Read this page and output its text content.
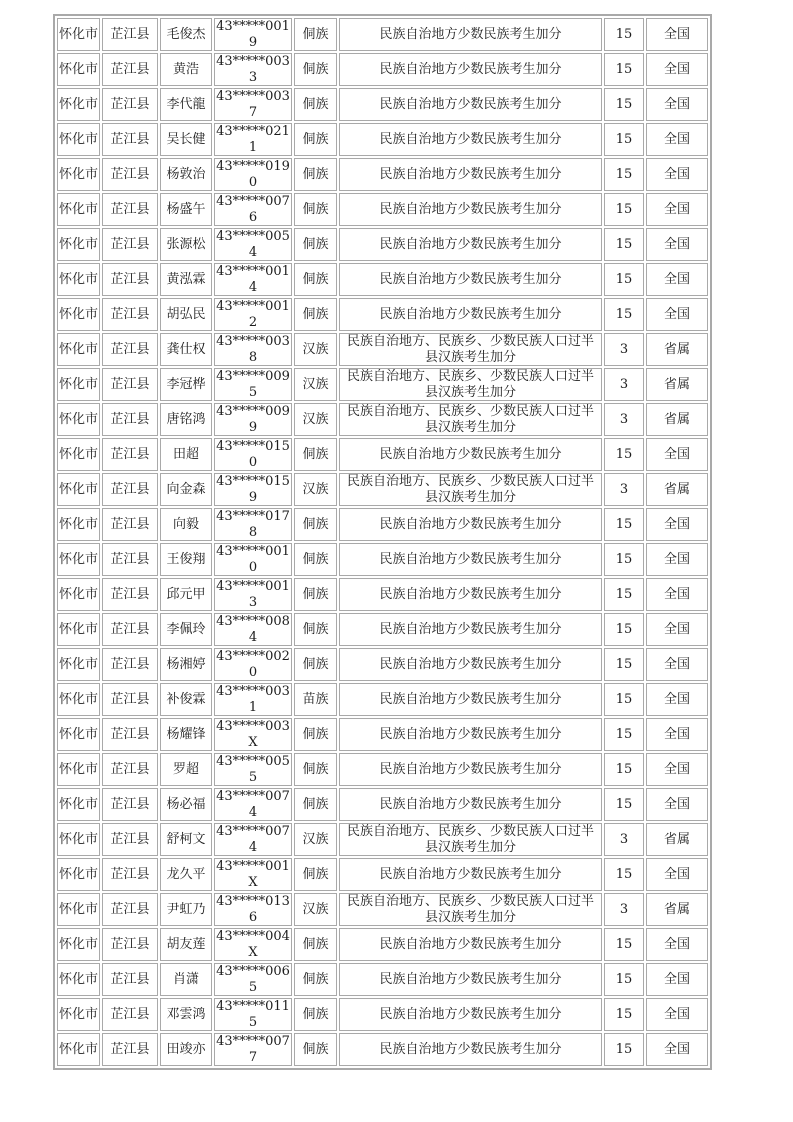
怀化市	芷江县	毛俊杰	43*****0019	侗族	民族自治地方少数民族考生加分	15	全国
怀化市	芷江县	黄浩	43*****0033	侗族	民族自治地方少数民族考生加分	15	全国
怀化市	芷江县	李代龍	43*****0037	侗族	民族自治地方少数民族考生加分	15	全国
怀化市	芷江县	吴长健	43*****0211	侗族	民族自治地方少数民族考生加分	15	全国
怀化市	芷江县	杨敦治	43*****0190	侗族	民族自治地方少数民族考生加分	15	全国
怀化市	芷江县	杨盛午	43*****0076	侗族	民族自治地方少数民族考生加分	15	全国
怀化市	芷江县	张源松	43*****0054	侗族	民族自治地方少数民族考生加分	15	全国
怀化市	芷江县	黄泓霖	43*****0014	侗族	民族自治地方少数民族考生加分	15	全国
怀化市	芷江县	胡弘民	43*****0012	侗族	民族自治地方少数民族考生加分	15	全国
怀化市	芷江县	龚仕权	43*****0038	汉族	民族自治地方、民族乡、少数民族人口过半县汉族考生加分	3	省属
怀化市	芷江县	李冠桦	43*****0095	汉族	民族自治地方、民族乡、少数民族人口过半县汉族考生加分	3	省属
怀化市	芷江县	唐铭鸿	43*****0099	汉族	民族自治地方、民族乡、少数民族人口过半县汉族考生加分	3	省属
怀化市	芷江县	田超	43*****0150	侗族	民族自治地方少数民族考生加分	15	全国
怀化市	芷江县	向金森	43*****0159	汉族	民族自治地方、民族乡、少数民族人口过半县汉族考生加分	3	省属
怀化市	芷江县	向毅	43*****0178	侗族	民族自治地方少数民族考生加分	15	全国
怀化市	芷江县	王俊翔	43*****0010	侗族	民族自治地方少数民族考生加分	15	全国
怀化市	芷江县	邱元甲	43*****0013	侗族	民族自治地方少数民族考生加分	15	全国
怀化市	芷江县	李佩玲	43*****0084	侗族	民族自治地方少数民族考生加分	15	全国
怀化市	芷江县	杨湘婷	43*****0020	侗族	民族自治地方少数民族考生加分	15	全国
怀化市	芷江县	补俊霖	43*****0031	苗族	民族自治地方少数民族考生加分	15	全国
怀化市	芷江县	杨耀锋	43*****003X	侗族	民族自治地方少数民族考生加分	15	全国
怀化市	芷江县	罗超	43*****0055	侗族	民族自治地方少数民族考生加分	15	全国
怀化市	芷江县	杨必福	43*****0074	侗族	民族自治地方少数民族考生加分	15	全国
怀化市	芷江县	舒柯文	43*****0074	汉族	民族自治地方、民族乡、少数民族人口过半县汉族考生加分	3	省属
怀化市	芷江县	龙久平	43*****001X	侗族	民族自治地方少数民族考生加分	15	全国
怀化市	芷江县	尹虹乃	43*****0136	汉族	民族自治地方、民族乡、少数民族人口过半县汉族考生加分	3	省属
怀化市	芷江县	胡友莲	43*****004X	侗族	民族自治地方少数民族考生加分	15	全国
怀化市	芷江县	肖潇	43*****0065	侗族	民族自治地方少数民族考生加分	15	全国
怀化市	芷江县	邓雲鸿	43*****0115	侗族	民族自治地方少数民族考生加分	15	全国
怀化市	芷江县	田竣亦	43*****0077	侗族	民族自治地方少数民族考生加分	15	全国
